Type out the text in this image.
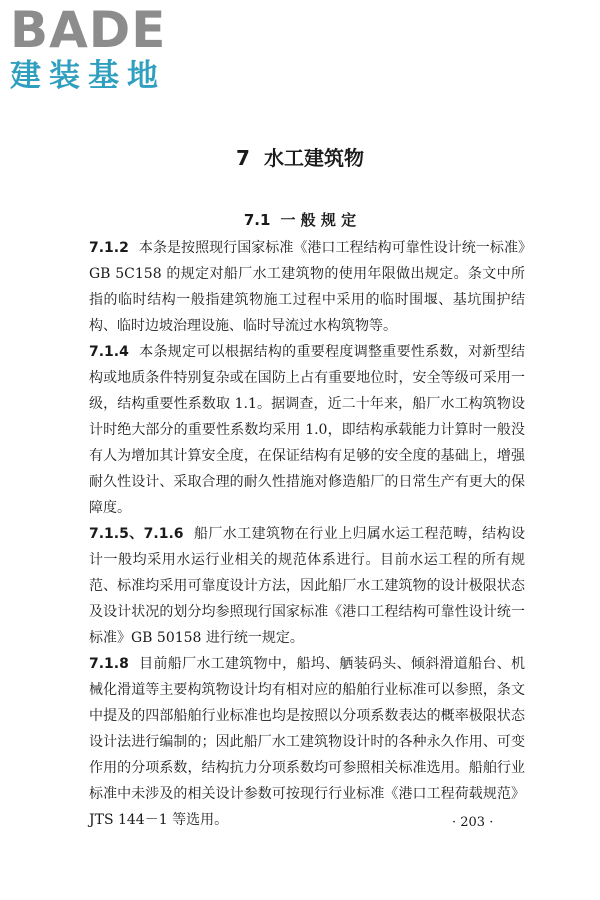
BADE
建装基地
7 水工建筑物
7.1 一 般 规 定

7.1.2 本条是按照现行国家标准《港口工程结构可靠性设计统一标准》GB 5C158 的规定对船厂水工建筑物的使用年限做出规定。条文中所指的临时结构一般指建筑物施工过程中采用的临时围堰、基坑围护结构、临时边坡治理设施、临时导流过水构筑物等。

7.1.4 本条规定可以根据结构的重要程度调整重要性系数，对新型结构或地质条件特别复杂或在国防上占有重要地位时，安全等级可采用一级，结构重要性系数取 1.1。据调查，近二十年来，船厂水工构筑物设计时绝大部分的重要性系数均采用 1.0，即结构承载能力计算时一般没有人为增加其计算安全度，在保证结构有足够的安全度的基础上，增强耐久性设计、采取合理的耐久性措施对修造船厂的日常生产有更大的保障度。

7.1.5、7.1.6 船厂水工建筑物在行业上归属水运工程范畴，结构设计一般均采用水运行业相关的规范体系进行。目前水运工程的所有规范、标准均采用可靠度设计方法，因此船厂水工建筑物的设计极限状态及设计状况的划分均参照现行国家标准《港口工程结构可靠性设计统一标准》GB 50158 进行统一规定。

7.1.8 目前船厂水工建筑物中，船坞、舾装码头、倾斜滑道船台、机械化滑道等主要构筑物设计均有相对应的船舶行业标准可以参照，条文中提及的四部船舶行业标准也均是按照以分项系数表达的概率极限状态设计法进行编制的；因此船厂水工建筑物设计时的各种永久作用、可变作用的分项系数，结构抗力分项系数均可参照相关标准选用。船舶行业标准中未涉及的相关设计参数可按现行行业标准《港口工程荷载规范》JTS 144－1 等选用。	· 203 ·
